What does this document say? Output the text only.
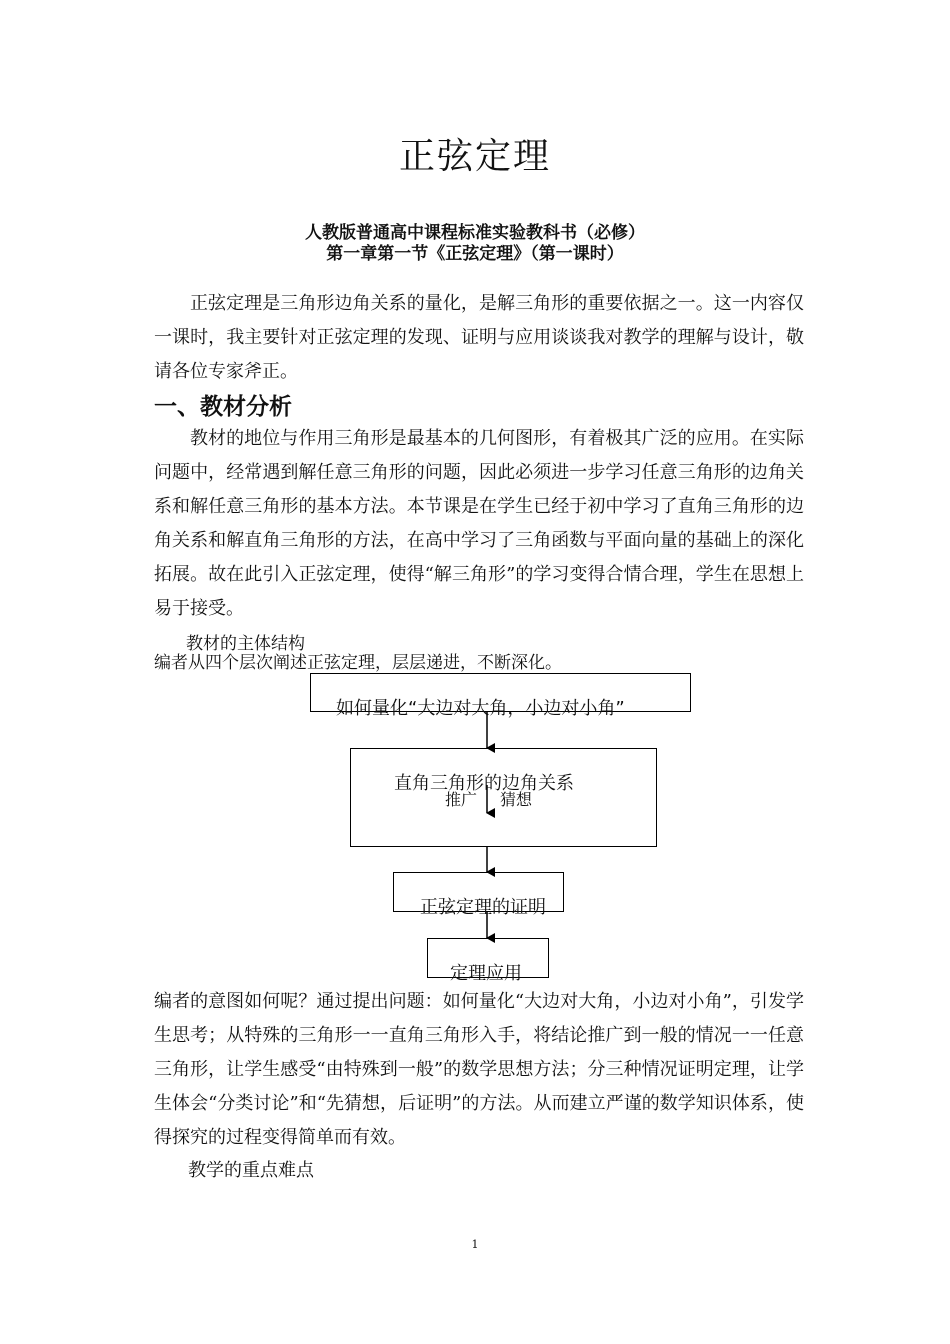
正弦定理
人教版普通高中课程标准实验教科书（必修）
第一章第一节《正弦定理》（第一课时）
正弦定理是三角形边角关系的量化，是解三角形的重要依据之一。这一内容仅一课时，我主要针对正弦定理的发现、证明与应用谈谈我对教学的理解与设计，敬请各位专家斧正。
一、教材分析
教材的地位与作用三角形是最基本的几何图形，有着极其广泛的应用。在实际问题中，经常遇到解任意三角形的问题，因此必须进一步学习任意三角形的边角关系和解任意三角形的基本方法。本节课是在学生已经于初中学习了直角三角形的边角关系和解直角三角形的方法，在高中学习了三角函数与平面向量的基础上的深化拓展。故在此引入正弦定理，使得“解三角形”的学习变得合情合理，学生在思想上易于接受。
教材的主体结构
编者从四个层次阐述正弦定理，层层递进，不断深化。
如何量化“大边对大角，小边对小角”
直角三角形的边角关系
推广 猜想
正弦定理的证明
定理应用
编者的意图如何呢？通过提出问题：如何量化“大边对大角，小边对小角”，引发学生思考；从特殊的三角形一一直角三角形入手，将结论推广到一般的情况一一任意三角形，让学生感受“由特殊到一般”的数学思想方法；分三种情况证明定理，让学生体会“分类讨论”和“先猜想，后证明”的方法。从而建立严谨的数学知识体系，使得探究的过程变得简单而有效。
教学的重点难点
1
